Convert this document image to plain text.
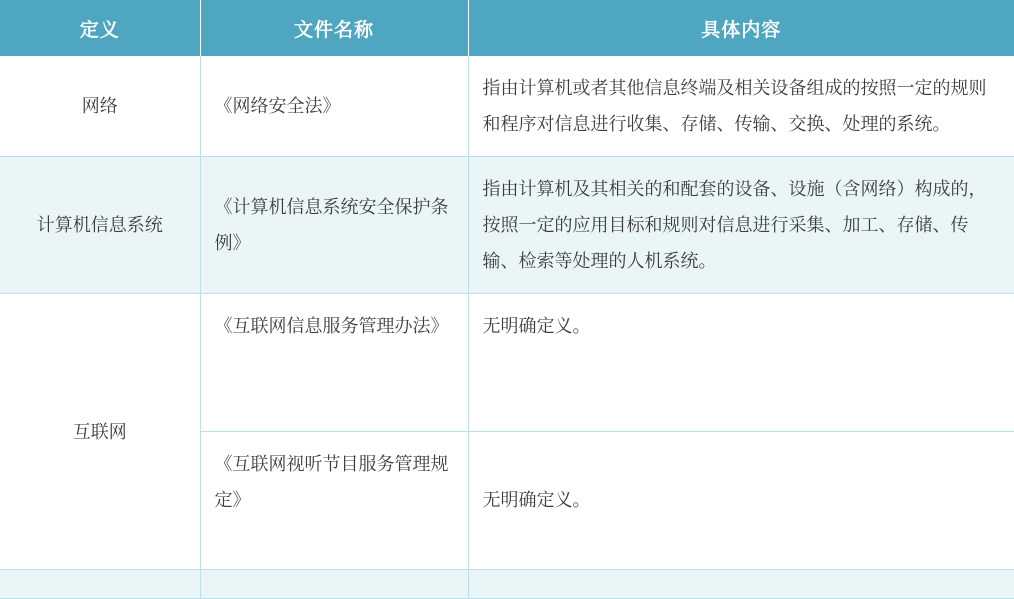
定义	文件名称	具体内容
网络	《网络安全法》	指由计算机或者其他信息终端及相关设备组成的按照一定的规则和程序对信息进行收集、存储、传输、交换、处理的系统。
计算机信息系统	《计算机信息系统安全保护条例》	指由计算机及其相关的和配套的设备、设施（含网络）构成的，按照一定的应用目标和规则对信息进行采集、加工、存储、传输、检索等处理的人机系统。
互联网	《互联网信息服务管理办法》	无明确定义。
	《互联网视听节目服务管理规定》	无明确定义。
